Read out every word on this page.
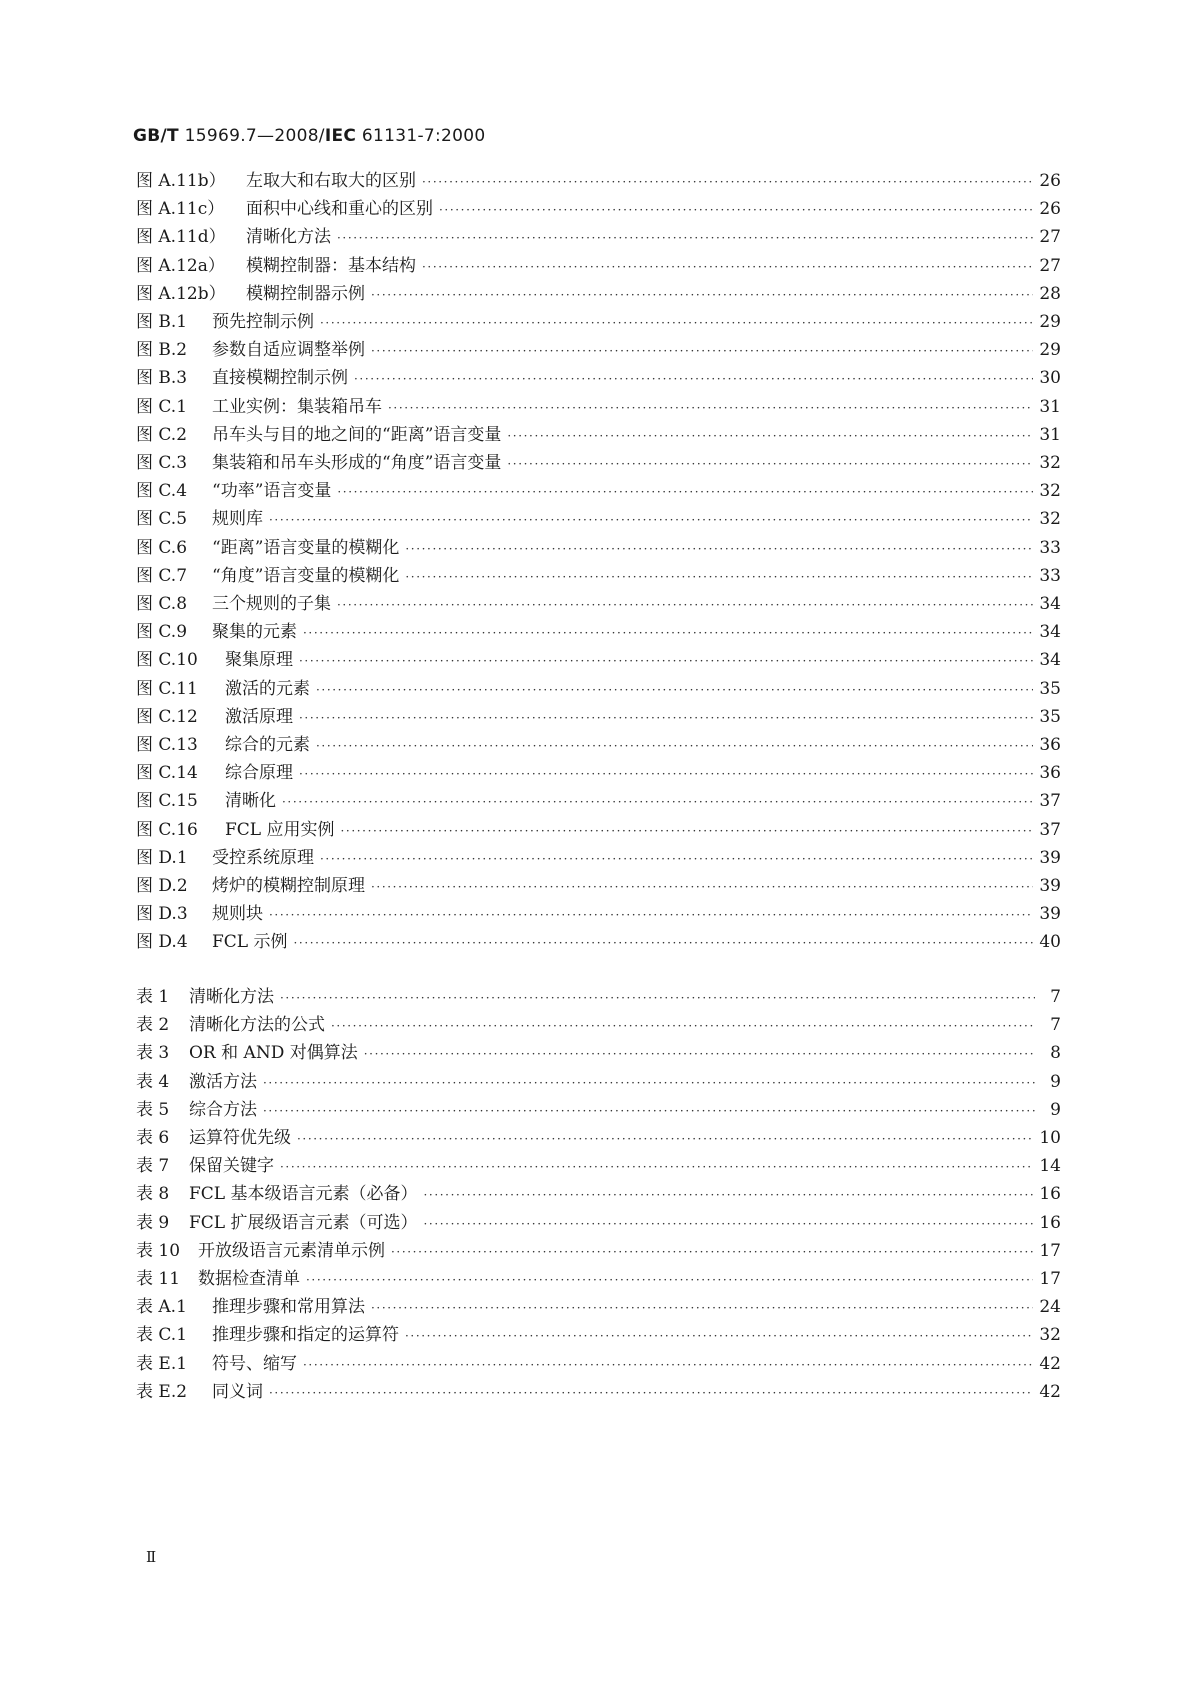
GB/T 15969.7—2008/IEC 61131-7:2000
图 A.11b）	左取大和右取大的区别 ·····	26
图 A.11c）	面积中心线和重心的区别 ·····	26
图 A.11d）	清晰化方法 ·····	27
图 A.12a）	模糊控制器：基本结构 ·····	27
图 A.12b）	模糊控制器示例 ·····	28
图 B.1	预先控制示例 ·····	29
图 B.2	参数自适应调整举例 ·····	29
图 B.3	直接模糊控制示例 ·····	30
图 C.1	工业实例：集装箱吊车 ·····	31
图 C.2	吊车头与目的地之间的“距离”语言变量 ·····	31
图 C.3	集装箱和吊车头形成的“角度”语言变量 ·····	32
图 C.4	“功率”语言变量 ·····	32
图 C.5	规则库 ·····	32
图 C.6	“距离”语言变量的模糊化 ·····	33
图 C.7	“角度”语言变量的模糊化 ·····	33
图 C.8	三个规则的子集 ·····	34
图 C.9	聚集的元素 ·····	34
图 C.10	聚集原理 ·····	34
图 C.11	激活的元素 ·····	35
图 C.12	激活原理 ·····	35
图 C.13	综合的元素 ·····	36
图 C.14	综合原理 ·····	36
图 C.15	清晰化 ·····	37
图 C.16	FCL 应用实例 ·····	37
图 D.1	受控系统原理 ·····	39
图 D.2	烤炉的模糊控制原理 ·····	39
图 D.3	规则块 ·····	39
图 D.4	FCL 示例 ·····	40
表 1	清晰化方法 ·····	7
表 2	清晰化方法的公式 ·····	7
表 3	OR 和 AND 对偶算法 ·····	8
表 4	激活方法 ·····	9
表 5	综合方法 ·····	9
表 6	运算符优先级 ·····	10
表 7	保留关键字 ·····	14
表 8	FCL 基本级语言元素（必备） ·····	16
表 9	FCL 扩展级语言元素（可选） ·····	16
表 10	开放级语言元素清单示例 ·····	17
表 11	数据检查清单 ·····	17
表 A.1	推理步骤和常用算法 ·····	24
表 C.1	推理步骤和指定的运算符 ·····	32
表 E.1	符号、缩写 ·····	42
表 E.2	同义词 ·····	42
Ⅱ
